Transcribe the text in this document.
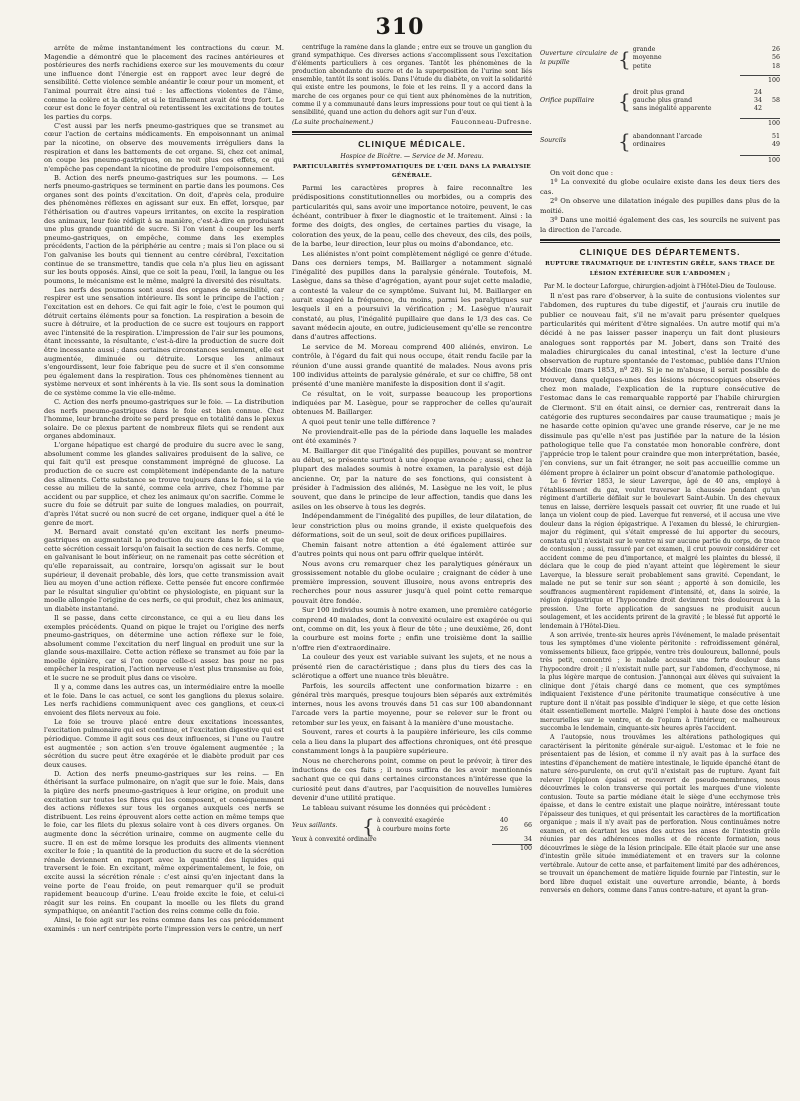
310

arrête de même instantanément les contractions du cœur. M. Magendie a démontré que le placement des racines antérieures et postérieures des nerfs rachidiens exerce sur les mouvements du cœur une influence dont l'énergie est en rapport avec leur degré de sensibilité. Cette violence semble anéantir le cœur pour un moment, et l'animal pourrait être ainsi tué : les affections violentes de l'âme, comme la colère et la dîète, et si le tiraillement avait été trop fort. Le cœur est donc le foyer central où retentissent les excitations de toutes les parties du corps.

C'est aussi par les nerfs pneumo-gastriques que se transmet au cœur l'action de certains médicaments. En empoisonnant un animal par la nicotine, on observe des mouvements irréguliers dans la respiration et dans les battements de cet organe. Si, chez cet animal, on coupe les pneumo-gastriques, on ne voit plus ces effets, ce qui n'empêche pas cependant la nicotine de produire l'empoisonnement.

B. Action des nerfs pneumo-gastriques sur les poumons. — Les nerfs pneumo-gastriques se terminent en partie dans les poumons. Ces organes sont des points d'excitation. On doit, d'après cela, produire des phénomènes réflexes en agissant sur eux. En effet, lorsque, par l'éthérisation ou d'autres vapeurs irritantes, on excite la respiration des animaux, leur foie rédigit à sa manière, c'est-à-dire en produisant une plus grande quantité de sucre. Si l'on vient à couper les nerfs pneumo-gastriques, on empêche, comme dans les exemples précédents, l'action de la périphérie au centre ; mais si l'on place ou si l'on galvanise les bouts qui tiennent au centre cérébral, l'excitation continue de se transmettre, tandis que cela n'a plus lieu en agissant sur les bouts opposés. Ainsi, que ce soit la peau, l'œil, la langue ou les poumons, le mécanisme est le même, malgré la diversité des résultats.

Les nerfs des poumons sont aussi des organes de sensibilité, car respirer est une sensation intérieure. Ils sont le principe de l'action ; l'excitation est en dehors. Ce qui fait agir le foie, c'est le poumon qui détruit certains éléments pour sa fonction. La respiration a besoin de sucre à détruire, et la production de ce sucre est toujours en rapport avec l'intensité de la respiration. L'impression de l'air sur les poumons, étant incessante, la résultante, c'est-à-dire la production de sucre doit être incessante aussi ; dans certaines circonstances seulement, elle est augmentée, diminuée ou détruite. Lorsque les animaux s'engourdissent, leur foie fabrique peu de sucre et il s'en consomme peu également dans la respiration. Tous ces phénomènes tiennent au système nerveux et sont inhérents à la vie. Ils sont sous la domination de ce système comme la vie elle-même.

C. Action des nerfs pneumo-gastriques sur le foie. — La distribution des nerfs pneumo-gastriques dans le foie est bien connue. Chez l'homme, leur branche droite se perd presque en totalité dans le plexus solaire. De ce plexus partent de nombreux filets qui se rendent aux organes abdominaux.

L'organe hépatique est chargé de produire du sucre avec le sang, absolument comme les glandes salivaires produisent de la salive, ce qui fait qu'il est presque constamment imprégné de glucose. La production de ce sucre est complètement indépendante de la nature des aliments. Cette substance se trouve toujours dans le foie, si la vie cesse au milieu de la santé, comme cela arrive, chez l'homme par accident ou par supplice, et chez les animaux qu'on sacrifie. Comme le sucre du foie se détruit par suite de longues maladies, on pourrait, d'après l'état sucré ou non sucré de cet organe, indiquer quel a été le genre de mort.

M. Bernard avait constaté qu'en excitant les nerfs pneumo-gastriques on augmentait la production du sucre dans le foie et que cette sécrétion cessait lorsqu'on faisait la section de ces nerfs. Comme, en galvanisant le bout inférieur, on ne ramenait pas cette sécrétion et qu'elle reparaissait, au contraire, lorsqu'on agissait sur le bout supérieur, il devenait probable, dès lors, que cette transmission avait lieu au moyen d'une action réflexe. Cette pensée fut encore confirmée par le résultat singulier qu'obtint ce physiologiste, en piquant sur la moelle allongée l'origine de ces nerfs, ce qui produit, chez les animaux, un diabète instantané.

Il se passe, dans cette circonstance, ce qui a eu lieu dans les exemples précédents. Quand on pique le trajet ou l'origine des nerfs pneumo-gastriques, on détermine une action réflexe sur le foie, absolument comme l'excitation du nerf lingual en produit une sur la glande sous-maxillaire. Cette action réflexe se transmet au foie par la moelle épinière, car si l'on coupe celle-ci assez bas pour ne pas empêcher la respiration, l'action nerveuse n'est plus transmise au foie, et le sucre ne se produit plus dans ce viscère.

Il y a, comme dans les autres cas, un intermédiaire entre la moelle et le foie. Dans le cas actuel, ce sont les ganglions du plexus solaire. Les nerfs rachidiens communiquent avec ces ganglions, et ceux-ci envoient des filets nerveux au foie.

Le foie se trouve placé entre deux excitations incessantes, l'excitation pulmonaire qui est continue, et l'excitation digestive qui est périodique. Comme il agit sous ces deux influences, si l'une ou l'autre est augmentée ; son action s'en trouve également augmentée ; la sécrétion du sucre peut être exagérée et le diabète produit par ces deux causes.

D. Action des nerfs pneumo-gastriques sur les reins. — En éthérisant la surface pulmonaire, on n'agit que sur le foie. Mais, dans la piqûre des nerfs pneumo-gastriques à leur origine, on produit une excitation sur toutes les fibres qui les composent, et conséquemment des actions réflexes sur tous les organes auxquels ces nerfs se distribuent. Les reins éprouvent alors cette action en même temps que le foie, car les filets du plexus solaire vont à ces divers organes. On augmente donc la sécrétion urinaire, comme on augmente celle du sucre. Il en est de même lorsque les produits des aliments viennent exciter le foie ; la quantité de la production du sucre et de la sécrétion rénale deviennent en rapport avec la quantité des liquides qui traversent le foie. En excitant, même expérimentalement, le foie, on excite aussi la sécrétion rénale : c'est ainsi qu'en injectant dans la veine porte de l'eau froide, on peut remarquer qu'il se produit rapidement beaucoup d'urine. L'eau froide excite le foie, et celui-ci réagit sur les reins. En coupant la moelle ou les filets du grand sympathique, on anéantit l'action des reins comme celle du foie.

Ainsi, le foie agit sur les reins comme dans les cas précédemment examinés : un nerf centripète porte l'impression vers le centre, un nerf

centrifuge la ramène dans la glande ; entre eux se trouve un ganglion du grand sympathique. Ces diverses actions s'accomplissent sous l'excitation d'éléments particuliers à ces organes. Tantôt les phénomènes de la production abondante du sucre et de la superposition de l'urine sont liés ensemble, tantôt ils sont isolés. Dans l'étude du diabète, on voit la solidarité qui existe entre les poumons, le foie et les reins. Il y a accord dans la marche de ces organes pour ce qui tient aux phénomènes de la nutrition, comme il y a communauté dans leurs impressions pour tout ce qui tient à la sensibilité, quand une action du dehors agit sur l'un d'eux.

(La suite prochainement.)	Fauconneau-Dufresne.
CLINIQUE MÉDICALE.
Hospice de Bicêtre. — Service de M. Moreau.
PARTICULARITÉS SYMPTOMATIQUES DE L'ŒIL DANS LA PARALYSIE GÉNÉRALE.

Parmi les caractères propres à faire reconnaître les prédispositions constitutionnelles ou morbides, ou a compris des particularités qui, sans avoir une importance notoire, peuvent, le cas échéant, contribuer à fixer le diagnostic et le traitement. Ainsi : la forme des doigts, des ongles, de certaines parties du visage, la coloration des yeux, de la peau, celle des cheveux, des cils, des poils, de la barbe, leur direction, leur plus ou moins d'abondance, etc.

Les aliénistes n'ont point complètement négligé ce genre d'étude. Dans ces derniers temps, M. Baillarger a notamment signalé l'inégalité des pupilles dans la paralysie générale. Toutefois, M. Lasègue, dans sa thèse d'agrégation, ayant pour sujet cette maladie, a contesté la valeur de ce symptôme. Suivant lui, M. Baillarger en aurait exagéré la fréquence, du moins, parmi les paralytiques sur lesquels il en a poursuivi la vérification ; M. Lasègue n'aurait constaté, au plus, l'inégalité pupillaire que dans le 1/3 des cas. Ce savant médecin ajoute, en outre, judicieusement qu'elle se rencontre dans d'autres affections.

Le service de M. Moreau comprend 400 aliénés, environ. Le contrôle, à l'égard du fait qui nous occupe, était rendu facile par la réunion d'une aussi grande quantité de malades. Nous avons pris 100 individus atteints de paralysie générale, et sur ce chiffre, 58 ont présenté d'une manière manifeste la disposition dont il s'agit.

Ce résultat, on le voit, surpasse beaucoup les proportions indiquées par M. Lasègue, pour se rapprocher de celles qu'aurait obtenues M. Baillarger.

A quoi peut tenir une telle différence ?

Ne proviendrait-elle pas de la période dans laquelle les malades ont été examinés ?

M. Baillarger dit que l'inégalité des pupilles, pouvant se montrer au début, se présente surtout à une époque avancée ; aussi, chez la plupart des malades soumis à notre examen, la paralysie est déjà ancienne. Or, par la nature de ses fonctions, qui consistent à présider à l'admission des aliénés, M. Lasègue ne les voit, le plus souvent, que dans le principe de leur affection, tandis que dans les asiles on les observe à tous les degrés.

Indépendamment de l'inégalité des pupilles, de leur dilatation, de leur constriction plus ou moins grande, il existe quelquefois des déformations, soit de un seul, soit de deux orifices pupillaires.

Chemin faisant notre attention a été également attirée sur d'autres points qui nous ont paru offrir quelque intérêt.

Nous avons cru remarquer chez les paralytiques généraux un grossissement notable du globe oculaire ; craignant de céder à une première impression, souvent illusoire, nous avons entrepris des recherches pour nous assurer jusqu'à quel point cette remarque pouvait être fondée.

Sur 100 individus soumis à notre examen, une première catégorie comprend 40 malades, dont la convexité oculaire est exagérée ou qui ont, comme on dit, les yeux à fleur de tête ; une deuxième, 26, dont la courbure est moins forte ; enfin une troisième dont la saillie n'offre rien d'extraordinaire.

La couleur des yeux est variable suivant les sujets, et ne nous a présenté rien de caractéristique ; dans plus du tiers des cas la sclérotique a offert une nuance très bleuâtre.

Parfois, les sourcils affectent une conformation bizarre : en général très marqués, presque toujours bien séparés aux extrémités internes, nous les avons trouvés dans 51 cas sur 100 abandonnant l'arcade vers la partie moyenne, pour se relever sur le front ou retomber sur les yeux, en faisant à la manière d'une moustache.

Souvent, rares et courts à la paupière inférieure, les cils comme cela a lieu dans la plupart des affections chroniques, ont été presque constamment longs à la paupière supérieure.

Nous ne chercherons point, comme on peut le prévoir, à tirer des inductions de ces faits ; il nous suffira de les avoir mentionnés sachant que ce qui dans certaines circonstances n'intéresse que la curiosité peut dans d'autres, par l'acquisition de nouvelles lumières devenir d'une utilité pratique.

Le tableau suivant résume les données qui précèdent :

Yeux saillants.	{ à convexité exagérée	40
à courbure moins forte	26
66
Yeux à convexité ordinaire	34
100
Ouverture circulaire de la pupille	{ grande	26
moyenne	56
petite	18
100
Orifice pupillaire	{ droit plus grand	24
gauche plus grand	34
sans inégalité apparente	42
58
100
Sourcils	{ abandonnant l'arcade	51
ordinaires	49
100

On voit donc que :

1º La convexité du globe oculaire existe dans les deux tiers des cas.

2º On observe une dilatation inégale des pupilles dans plus de la moitié.

3º Dans une moitié également des cas, les sourcils ne suivent pas la direction de l'arcade.

CLINIQUE DES DÉPARTEMENTS.
RUPTURE TRAUMATIQUE DE L'INTESTIN GRÊLE, SANS TRACE DE LÉSION EXTÉRIEURE SUR L'ABDOMEN ;
Par M. le docteur Laforgue, chirurgien-adjoint à l'Hôtel-Dieu de Toulouse.

Il n'est pas rare d'observer, à la suite de contusions violentes sur l'abdomen, des ruptures du tube digestif, et j'aurais cru inutile de publier ce nouveau fait, s'il ne m'avait paru présenter quelques particularités qui méritent d'être signalées. Un autre motif qui m'a décidé à ne pas laisser passer inaperçu un fait dont plusieurs analogues sont rapportés par M. Jobert, dans son Traité des maladies chirurgicales du canal intestinal, c'est la lecture d'une observation de rupture spontanée de l'estomac, publiée dans l'Union Médicale (mars 1853, nº 28). Si je ne m'abuse, il serait possible de trouver, dans quelques-unes des lésions nécroscopiques observées chez mon malade, l'explication de la rupture consécutive de l'estomac dans le cas remarquable rapporté par l'habile chirurgien de Clermont. S'il en était ainsi, ce dernier cas, rentrerait dans la catégorie des ruptures secondaires par cause traumatique ; mais je ne hasarde cette opinion qu'avec une grande réserve, car je ne me dissimule pas qu'elle n'est pas justifiée par la nature de la lésion pathologique telle que l'a constatée mon honorable confrère, dont j'apprécie trop le talent pour craindre que mon interprétation, basée, j'en conviens, sur un fait étranger, ne soit pas accueillie comme un élément propre à éclairer un point obscur d'anatomie pathologique.

Le 6 février 1853, le sieur Laverque, âgé de 40 ans, employé à l'établissement du gaz, voulut traverser la chaussée pendant qu'un régiment d'artillerie défilait sur le boulevart Saint-Aubin. Un des chevaux tenus en laisse, derrière lesquels passait cet ouvrier, fit une ruade et lui lança un violent coup de pied. Laverque fut renversé, et il accusa une vive douleur dans la région épigastrique. A l'examen du blessé, le chirurgien-major du régiment, qui s'était empressé de lui apporter du secours, constata qu'il n'existait sur le ventre ni sur aucune partie du corps, de trace de contusion ; aussi, rassuré par cet examen, il crut pouvoir considérer cet accident comme de peu d'importance, et malgré les plaintes du blessé, il déclara que le coup de pied n'ayant atteint que légèrement le sieur Laverque, la blessure serait probablement sans gravité. Cependant, le malade ne put se tenir sur son séant ; apporté à son domicile, les souffrances augmentèrent rapidement d'intensité, et, dans la soirée, la région épigastrique et l'hypocondre droit devinrent très douloureux à la pression. Une forte application de sangsues ne produisit aucun soulagement, et les accidents prirent de la gravité ; le blessé fut apporté le lendemain à l'Hôtel-Dieu.

A son arrivée, trente-six heures après l'événement, le malade présentait tous les symptômes d'une violente péritonite : refroidissement général, vomissements bilieux, face grippée, ventre très douloureux, ballonné, pouls très petit, concentré ; le malade accusait une forte douleur dans l'hypocondre droit ; il n'existait nulle part, sur l'abdomen, d'ecchymose, ni la plus légère marque de contusion. J'annonçai aux élèves qui suivaient la clinique dont j'étais chargé dans ce moment, que ces symptômes indiquaient l'existence d'une péritonite traumatique consécutive à une rupture dont il n'était pas possible d'indiquer le siège, et que cette lésion était essentiellement mortelle. Malgré l'emploi à haute dose des onctions mercurielles sur le ventre, et de l'opium à l'intérieur, ce malheureux succomba le lendemain, cinquante-six heures après l'accident.

A l'autopsie, nous trouvâmes les altérations pathologiques qui caractérisent la péritonite générale sur-aiguë. L'estomac et le foie ne présentaient pas de lésion, et comme il n'y avait pas à la surface des intestins d'épanchement de matière intestinale, le liquide épanché étant de nature séro-purulente, on crut qu'il n'existait pas de rupture. Ayant fait relever l'épiploon épaissi et recouvert de pseudo-membranes, nous découvrîmes le colon transverse qui portait les marques d'une violente contusion. Toute sa partie médiane était le siège d'une ecchymose très épaisse, et dans le centre existait une plaque noirâtre, intéressant toute l'épaisseur des tuniques, et qui présentait les caractères de la mortification organique ; mais il n'y avait pas de perforation. Nous continuâmes notre examen, et en écartant les unes des autres les anses de l'intestin grêle réunies par des adhérences molles et de récente formation, nous découvrîmes le siège de la lésion principale. Elle était placée sur une anse d'intestin grêle située immédiatement et en travers sur la colonne vertébrale. Autour de cette anse, et parfaitement limité par des adhérences, se trouvait un épanchement de matière liquide fournie par l'intestin, sur le bord libre duquel existait une ouverture arrondie, béante, à bords renversés en dehors, comme dans l'anus contre-nature, et ayant la gran-
